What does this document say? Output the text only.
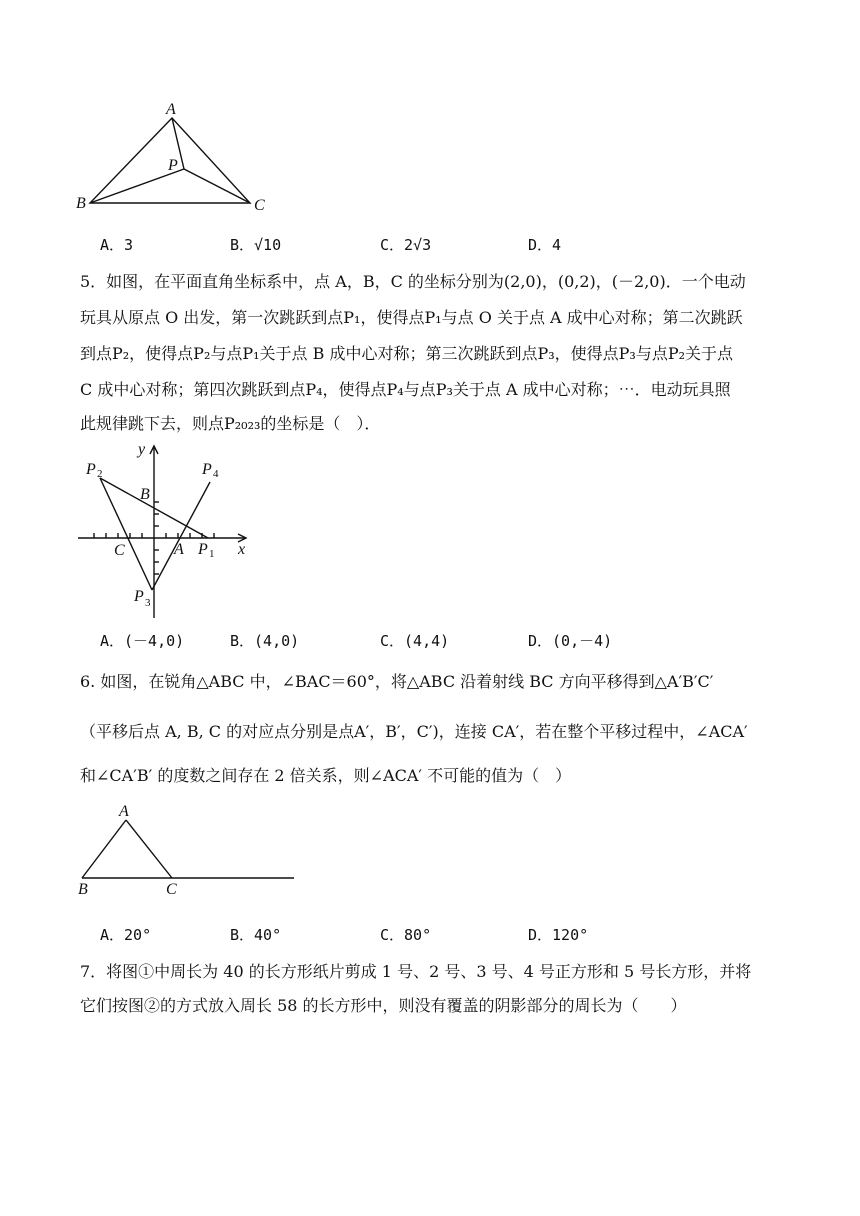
A
P
B	C
A．3	B．√10	C．2√3	D．4
5．如图，在平面直角坐标系中，点 A，B，C 的坐标分别为(2,0)，(0,2)，(－2,0)．一个电动
玩具从原点 O 出发，第一次跳跃到点P₁，使得点P₁与点 O 关于点 A 成中心对称；第二次跳跃
到点P₂，使得点P₂与点P₁关于点 B 成中心对称；第三次跳跃到点P₃，使得点P₃与点P₂关于点
C 成中心对称；第四次跳跃到点P₄，使得点P₄与点P₃关于点 A 成中心对称；⋯．电动玩具照
此规律跳下去，则点P₂₀₂₃的坐标是（　）．
y
x
B
C	A P 1
P 2
P 3
P 4
A．(－4,0)	B．(4,0)	C．(4,4)	D．(0,－4)
6. 如图，在锐角△ABC 中，∠BAC＝60°，将△ABC 沿着射线 BC 方向平移得到△A′B′C′
（平移后点 A, B, C 的对应点分别是点A′，B′，C′)，连接 CA′，若在整个平移过程中，∠ACA′
和∠CA′B′ 的度数之间存在 2 倍关系，则∠ACA′ 不可能的值为（　）
A
B	C
A．20°	B．40°	C．80°	D．120°
7．将图①中周长为 40 的长方形纸片剪成 1 号、2 号、3 号、4 号正方形和 5 号长方形，并将
它们按图②的方式放入周长 58 的长方形中，则没有覆盖的阴影部分的周长为（　　）
